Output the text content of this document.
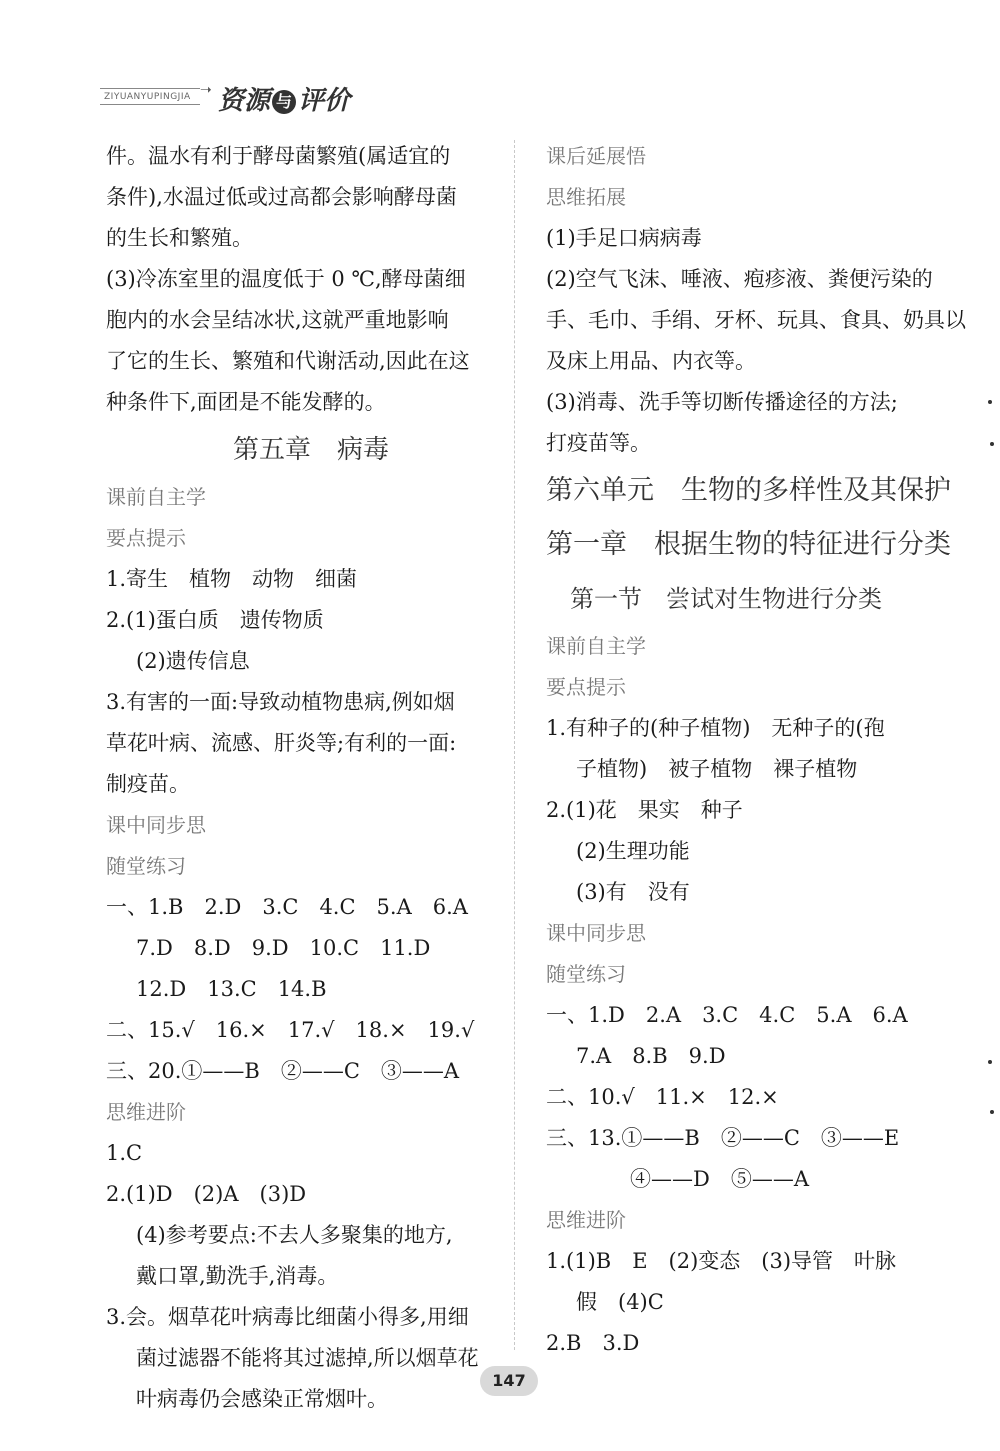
ZIYUANYUPINGJIA ➝ 资源 与 评价
件。温水有利于酵母菌繁殖(属适宜的
条件),水温过低或过高都会影响酵母菌
的生长和繁殖。
(3)冷冻室里的温度低于 0 ℃,酵母菌细
胞内的水会呈结冰状,这就严重地影响
了它的生长、繁殖和代谢活动,因此在这
种条件下,面团是不能发酵的。
第五章　病毒
课前自主学
要点提示
1.寄生　植物　动物　细菌
2.(1)蛋白质　遗传物质
(2)遗传信息
3.有害的一面:导致动植物患病,例如烟
草花叶病、流感、肝炎等;有利的一面:
制疫苗。
课中同步思
随堂练习
一、1.B　2.D　3.C　4.C　5.A　6.A
7.D　8.D　9.D　10.C　11.D
12.D　13.C　14.B
二、15.√　16.×　17.√　18.×　19.√
三、20.①——B　②——C　③——A
思维进阶
1.C
2.(1)D　(2)A　(3)D
(4)参考要点:不去人多聚集的地方,
戴口罩,勤洗手,消毒。
3.会。烟草花叶病毒比细菌小得多,用细
菌过滤器不能将其过滤掉,所以烟草花
叶病毒仍会感染正常烟叶。
课后延展悟
思维拓展
(1)手足口病病毒
(2)空气飞沫、唾液、疱疹液、粪便污染的
手、毛巾、手绢、牙杯、玩具、食具、奶具以
及床上用品、内衣等。
(3)消毒、洗手等切断传播途径的方法;
打疫苗等。
第六单元　生物的多样性及其保护
第一章　根据生物的特征进行分类
第一节　尝试对生物进行分类
课前自主学
要点提示
1.有种子的(种子植物)　无种子的(孢
子植物)　被子植物　裸子植物
2.(1)花　果实　种子
(2)生理功能
(3)有　没有
课中同步思
随堂练习
一、1.D　2.A　3.C　4.C　5.A　6.A
7.A　8.B　9.D
二、10.√　11.×　12.×
三、13.①——B　②——C　③——E
　　　　④——D　⑤——A
思维进阶
1.(1)B　E　(2)变态　(3)导管　叶脉
假　(4)C
2.B　3.D
147
